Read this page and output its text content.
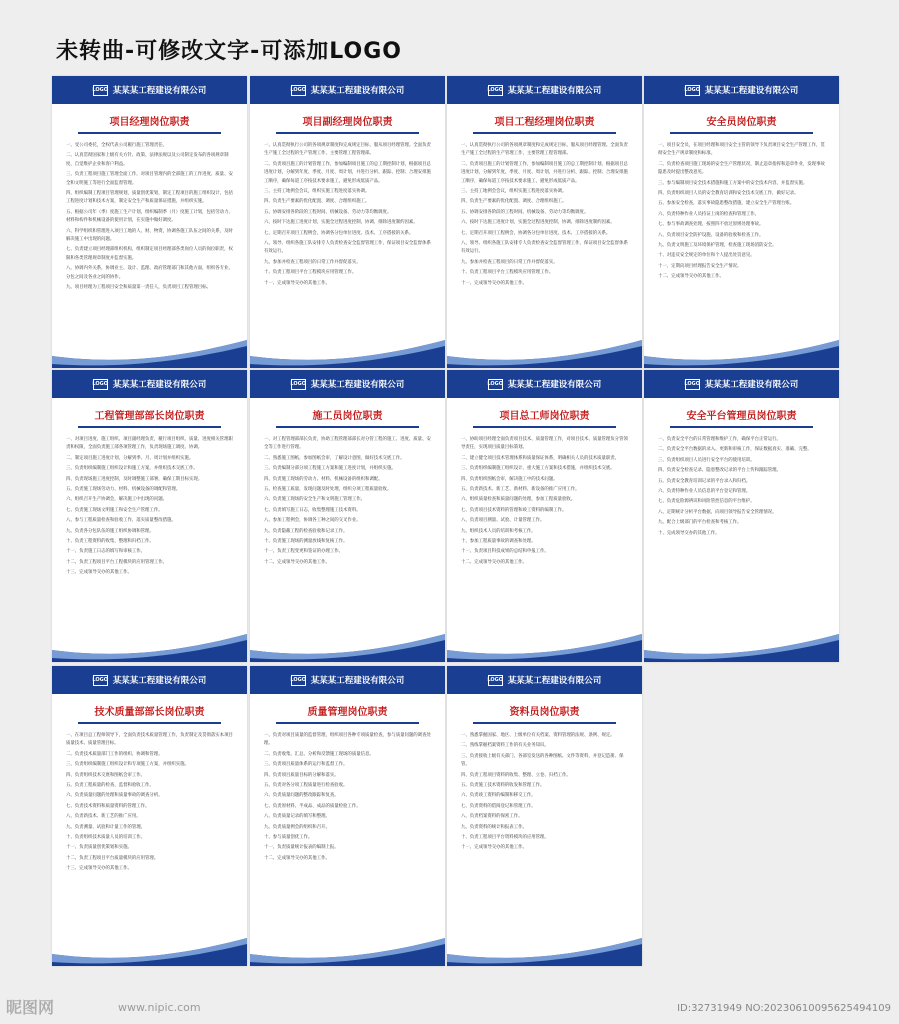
未转曲-可修改文字-可添加LOGO
LOGO 某某某工程建设有限公司
项目经理岗位职责

一、受公司委托，全权代表公司履行施工管理责任。

二、认真贯彻国家和上级有关方针、政策、法律法规以及公司制定发布的各项规章制度，自觉维护企业和客户利益。

三、负责工程项目施工管理全面工作，对项目管理内的全部施工的工作进度、质量、安全和文明施工等进行全面监督管理。

四、组织编制工程项目管理规划，质量创优策划，制定工程项目的施工组织设计，包括工程进度计划和技术方案，制定安全生产和质量保证措施，并组织实施。

五、根据公司年（季）度施工生产计划，组织编制季（月）度施工计划，包括劳动力、材料和构件和机械设备的使用计划，在实施中做好调度。

六、科学组织和管理进入项目工地的人、财、物资，协调各施工队伍之间的关系，及时解决施工中出现的问题。

七、负责建立项目经理部组织机构，组织制定项目经理部各类岗位人员的岗位职责，权限和各类管理规章制度并监督实施。

八、协调内外关系，协调业主、设计、监理、政府管理部门和其他方面，组织各专业、分包之间及各业之间的协作。

九、项目经理为工程项目安全和质量第一责任人，负责项目工程管理目标。

LOGO 某某某工程建设有限公司
项目副经理岗位职责

一、认真贯彻执行公司的各项规章制度和完成规定目标，服从项目经理管理。全面负责生产施工全过程的生产管理工作，主要管理工程管理部。

二、负责项目施工的计划管理工作，参加编制项目施工的总工期控制计划，根据项目总进度计划，分解到年度、季度、月度、周计划，并进行分析、跟踪、控制；合理安排施工顺序，确保每道工序按技术要求施工，避免形成低质产品。

三、主持工地例会会议，组织实施工程进度落实协调。

四、负责生产要素的优化配置、调度、合理组织施工。

五、协调安排各阶段的工程时间、机械设备、劳动力等均衡调度。

六、按时下达施工进度计划，实施全过程进度控制，协调、排除进度制约因素。

七、定期召开项目工程例会，协调各分包单位进度、技术、工序搭接的关系。

八、领导、组织各施工队安排专人负责检查安全监督管理工作，保证项目安全监督体系有效运行。

九、参加并检查工程项目的日常工作并督促落实。

十、负责工程项目平台工程模块应用管理工作。

十一、完成领导交办的其他工作。

LOGO 某某某工程建设有限公司
项目工程经理岗位职责

一、认真贯彻执行公司的各项规章制度和完成规定目标，服从项目经理管理。全面负责生产施工全过程的生产管理工作，主要管理工程管理部。

二、负责项目施工的计划管理工作，参加编制项目施工的总工期控制计划，根据项目总进度计划，分解到年度、季度、月度、周计划，并进行分析、跟踪、控制；合理安排施工顺序，确保每道工序按技术要求施工，避免形成低质产品。

三、主持工地例会会议，组织实施工程进度落实协调。

四、负责生产要素的优化配置、调度、合理组织施工。

五、协调安排各阶段的工程时间、机械设备、劳动力等均衡调度。

六、按时下达施工进度计划，实施全过程进度控制，协调、排除进度制约因素。

七、定期召开项目工程例会，协调各分包单位进度、技术、工序搭接的关系。

八、领导、组织各施工队安排专人负责检查安全监督管理工作，保证项目安全监督体系有效运行。

九、参加并检查工程项目的日常工作并督促落实。

十、负责工程项目平台工程模块应用管理工作。

十一、完成领导交办的其他工作。

LOGO 某某某工程建设有限公司
安全员岗位职责

一、项目安全员，在项目经理和项目安全主管的领导下负责项目安全生产管理工作，贯彻安全生产规章制度和标准。

二、负责检查项目施工现场的安全生产管理状况，制止违章指挥和违章作业，发现事故隐患及时提出整改意见。

三、参与编制项目安全技术措施和施工方案中的安全技术内容，并监督实施。

四、负责组织项目人员的安全教育培训和安全技术交底工作，做好记录。

五、参加安全检查，落实事故隐患整改措施，建立安全生产管理台账。

六、负责特种作业人员持证上岗的检查和管理工作。

七、参与事故调查处理，按照四不放过原则处理事故。

八、负责项目安全防护设施、设备的验收和检查工作。

九、负责文明施工及环境保护管理，检查施工现场消防安全。

十、对违反安全规定的单位和个人提出处罚意见。

十一、定期向项目经理报告安全生产情况。

十二、完成领导交办的其他工作。

LOGO 某某某工程建设有限公司
工程管理部部长岗位职责

一、对项目进度、施工组织、项目副经理负责，履行项目组织、质量、进度相关管理职责和权限，全面负责施工部各项管理工作，负责现场施工调度、协调。

二、制定项目施工进度计划，分解到季、月、周计划并组织实施。

三、负责组织编制施工组织设计和施工方案，并组织技术交底工作。

四、负责现场施工进度控制，及时调整施工部署，确保工期目标实现。

五、负责施工现场劳动力、材料、机械设备的调配和管理。

六、组织召开生产协调会，解决施工中出现的问题。

七、负责施工现场文明施工和安全生产管理工作。

八、参与工程质量检查和验收工作，落实质量整改措施。

九、负责各分包队伍的施工组织协调和管理。

十、负责工程资料的收集、整理和归档工作。

十一、负责施工日志的填写和审核工作。

十二、负责工程项目平台工程模块的应用管理工作。

十三、完成领导交办的其他工作。

LOGO 某某某工程建设有限公司
施工员岗位职责

一、对工程管理部部长负责，协助工程管理部部长对分管工程的施工、进度、质量、安全等工作进行管理。

二、熟悉施工图纸，参加图纸会审，了解设计意图，做好技术交底工作。

三、负责编制分部分项工程施工方案和施工进度计划，并组织实施。

四、负责施工现场的劳动力、材料、机械设备的组织和调配。

五、检查施工质量，发现问题及时处理，组织分项工程质量验收。

六、负责施工现场的安全生产和文明施工管理工作。

七、负责填写施工日志，收集整理施工技术资料。

八、参加工程例会，协调各工种之间的交叉作业。

九、负责隐蔽工程的检查验收和记录工作。

十、负责施工现场的测量放线和复核工作。

十一、负责工程变更和签证的办理工作。

十二、完成领导交办的其他工作。

LOGO 某某某工程建设有限公司
项目总工师岗位职责

一、协助项目经理全面负责项目技术、质量管理工作，对项目技术、质量管理负分管领导责任，实现项目质量目标策划。

二、建立健全项目技术管理体系和质量保证体系，明确相关人员的技术质量职责。

三、负责组织编制施工组织设计、重大施工方案和技术措施，并组织技术交底。

四、负责组织图纸会审，解决施工中的技术问题。

五、负责新技术、新工艺、新材料、新设备的推广应用工作。

六、组织质量检查和质量问题的处理，参加工程质量验收。

七、负责项目技术资料的管理和竣工资料的编制工作。

八、负责项目测量、试验、计量管理工作。

九、组织技术人员的培训和考核工作。

十、参加工程质量事故的调查和处理。

十一、负责项目科技成果的总结和申报工作。

十二、完成领导交办的其他工作。

LOGO 某某某工程建设有限公司
安全平台管理员岗位职责

一、负责安全平台的日常管理和维护工作，确保平台正常运行。

二、负责安全平台数据的录入、更新和审核工作，保证数据真实、准确、完整。

三、负责组织项目人员进行安全平台的使用培训。

四、负责安全检查记录、隐患整改记录的平台上传和跟踪管理。

五、负责安全教育培训记录的平台录入和归档。

六、负责特种作业人员信息的平台登记和管理。

七、负责危险源辨识和风险管控信息的平台维护。

八、定期统计分析平台数据，向项目领导报告安全管理情况。

九、配合上级部门的平台检查和考核工作。

十、完成领导交办的其他工作。

LOGO 某某某工程建设有限公司
技术质量部部长岗位职责

一、在项目总工程师领导下，全面负责技术质量管理工作，负责制定及贯彻落实本项目质量技术、质量管理目标。

二、负责技术质量部门工作的组织、协调和管理。

三、负责组织编制施工组织设计和专项施工方案，并组织实施。

四、负责组织技术交底和图纸会审工作。

五、负责工程质量的检查、监督和验收工作。

六、负责质量问题的处理和质量事故的调查分析。

七、负责技术资料和质量资料的管理工作。

八、负责新技术、新工艺的推广应用。

九、负责测量、试验和计量工作的管理。

十、负责组织技术质量人员的培训工作。

十一、负责质量创优策划和实施。

十二、负责工程项目平台质量模块的应用管理。

十三、完成领导交办的其他工作。

LOGO 某某某工程建设有限公司
质量管理岗位职责

一、负责对项目质量的监督管理，组织项目各种专项质量检查，参与质量问题的调查处理。

二、负责收集、汇总、分析和反馈施工现场的质量信息。

三、负责项目质量体系的运行和监督工作。

四、负责项目质量目标的分解和落实。

五、负责对各分项工程质量进行检查验收。

六、负责质量问题的整改跟踪和复查。

七、负责原材料、半成品、成品的质量检验工作。

八、负责质量记录的填写和整理。

九、负责质量例会的组织和召开。

十、参与质量创优工作。

十一、负责质量统计报表的编制上报。

十二、完成领导交办的其他工作。

LOGO 某某某工程建设有限公司
资料员岗位职责

一、熟悉掌握国家、地区、上级单位有关档案、资料管理的法规、条例、规定。

二、熟练掌握档案资料工作的有关业务知识。

三、负责接收上级有关部门、各部室发送的各种图纸、文件等资料，并登记造册、保管。

四、负责工程项目资料的收集、整理、立卷、归档工作。

五、负责施工技术资料的收发和管理工作。

六、负责竣工资料的编制和移交工作。

七、负责资料的借阅登记和管理工作。

八、负责档案资料的保密工作。

九、负责资料的统计和报表工作。

十、负责工程项目平台资料模块的应用管理。

十一、完成领导交办的其他工作。

昵图网	www.nipic.com	ID:32731949 NO:20230610095625494109
